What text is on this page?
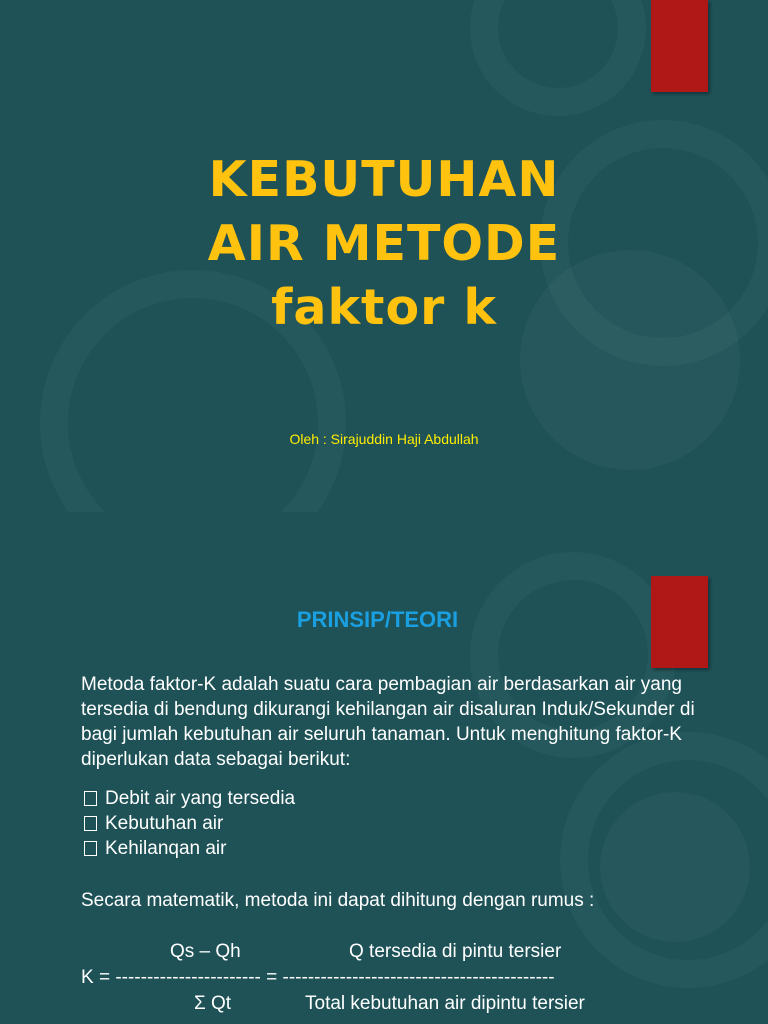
KEBUTUHAN
AIR METODE
faktor k
Oleh : Sirajuddin Haji Abdullah
PRINSIP/TEORI
Metoda faktor-K adalah suatu cara pembagian air berdasarkan air yang tersedia di bendung dikurangi kehilangan air disaluran Induk/Sekunder di bagi jumlah kebutuhan air seluruh tanaman. Untuk menghitung faktor-K diperlukan data sebagai berikut:
Debit air yang tersedia
Kebutuhan air
Kehilanqan air
Secara matematik, metoda ini dapat dihitung dengan rumus :

Qs – Qh

	Q tersedia di pintu tersier

K = ----------------------- = -------------------------------------------

Σ Qt

	Total kebutuhan air dipintu tersier
